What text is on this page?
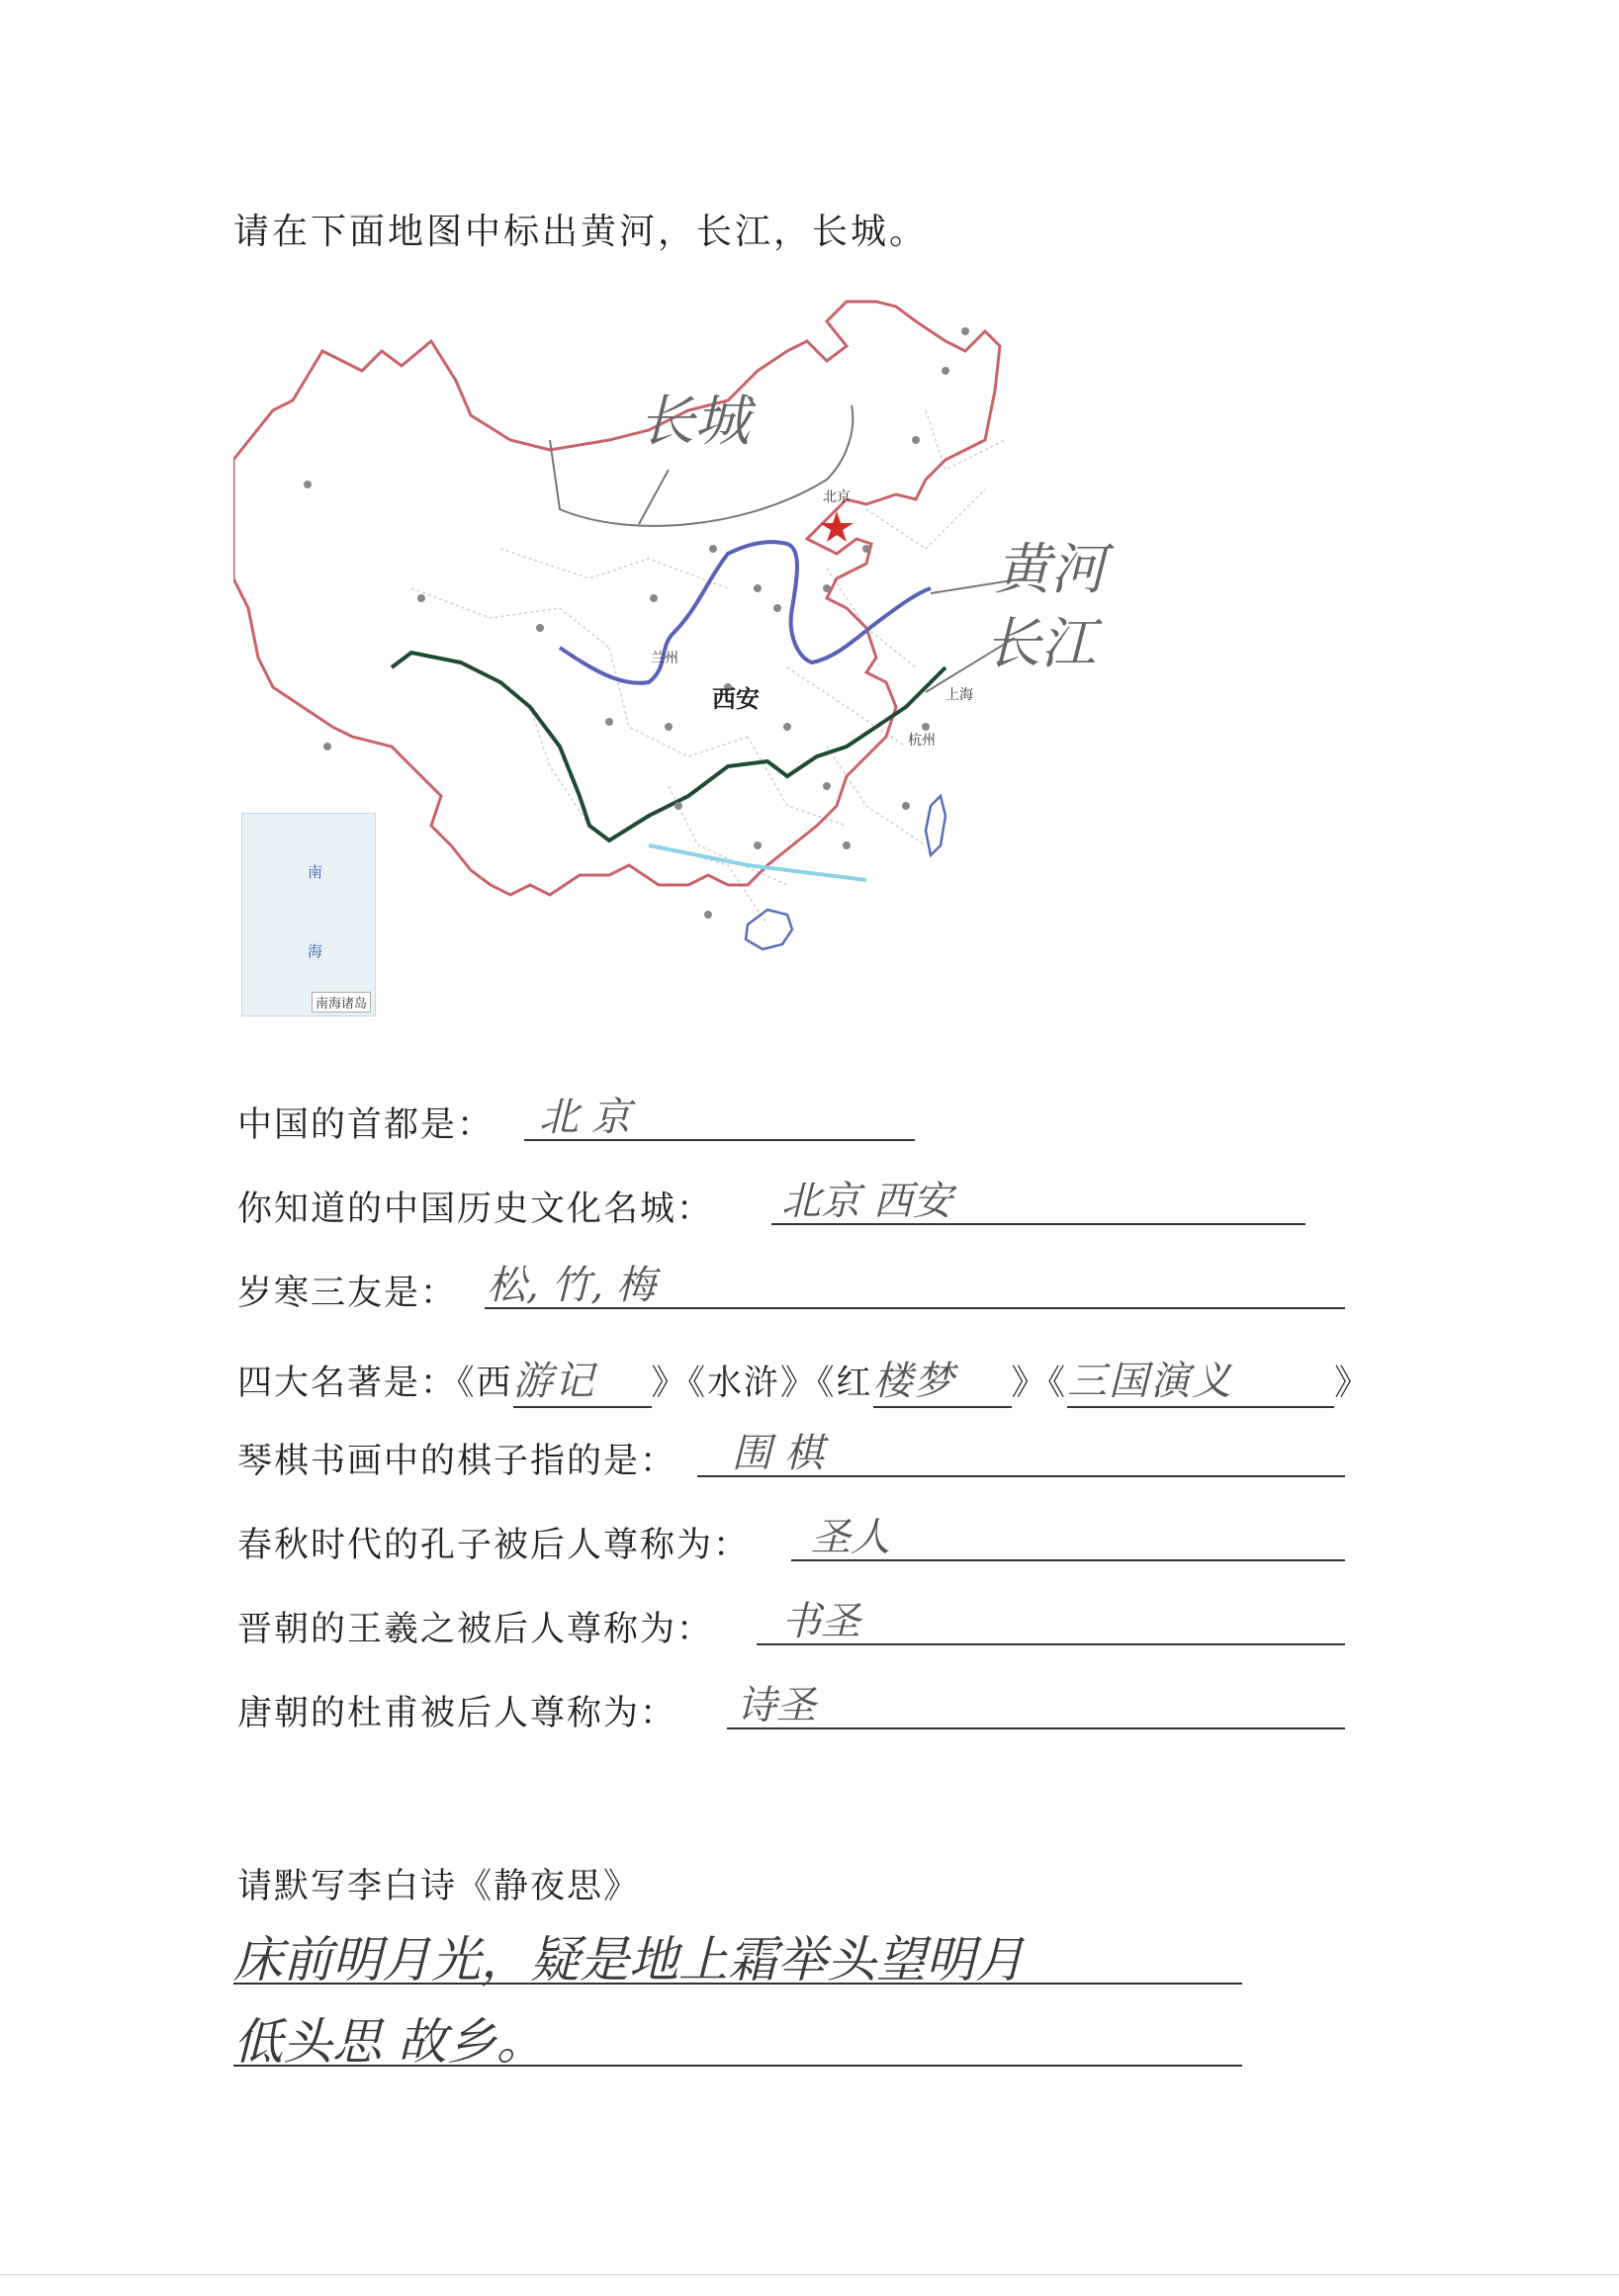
请在下面地图中标出黄河，长江，长城。
北京
上海
杭州
兰州
西安
长城
黄河
长江
南
海
南海诸岛
中国的首都是： 北 京
你知道的中国历史文化名城： 北京 西安
岁寒三友是： 松, 竹, 梅
四大名著是：《西游记 》《水浒》《红楼梦 》《三国演义	》
琴棋书画中的棋子指的是： 围 棋
春秋时代的孔子被后人尊称为： 圣人
晋朝的王羲之被后人尊称为： 书圣
唐朝的杜甫被后人尊称为： 诗圣
请默写李白诗《静夜思》
床前明月光，疑是地上霜举头望明月
低头思 故乡。
